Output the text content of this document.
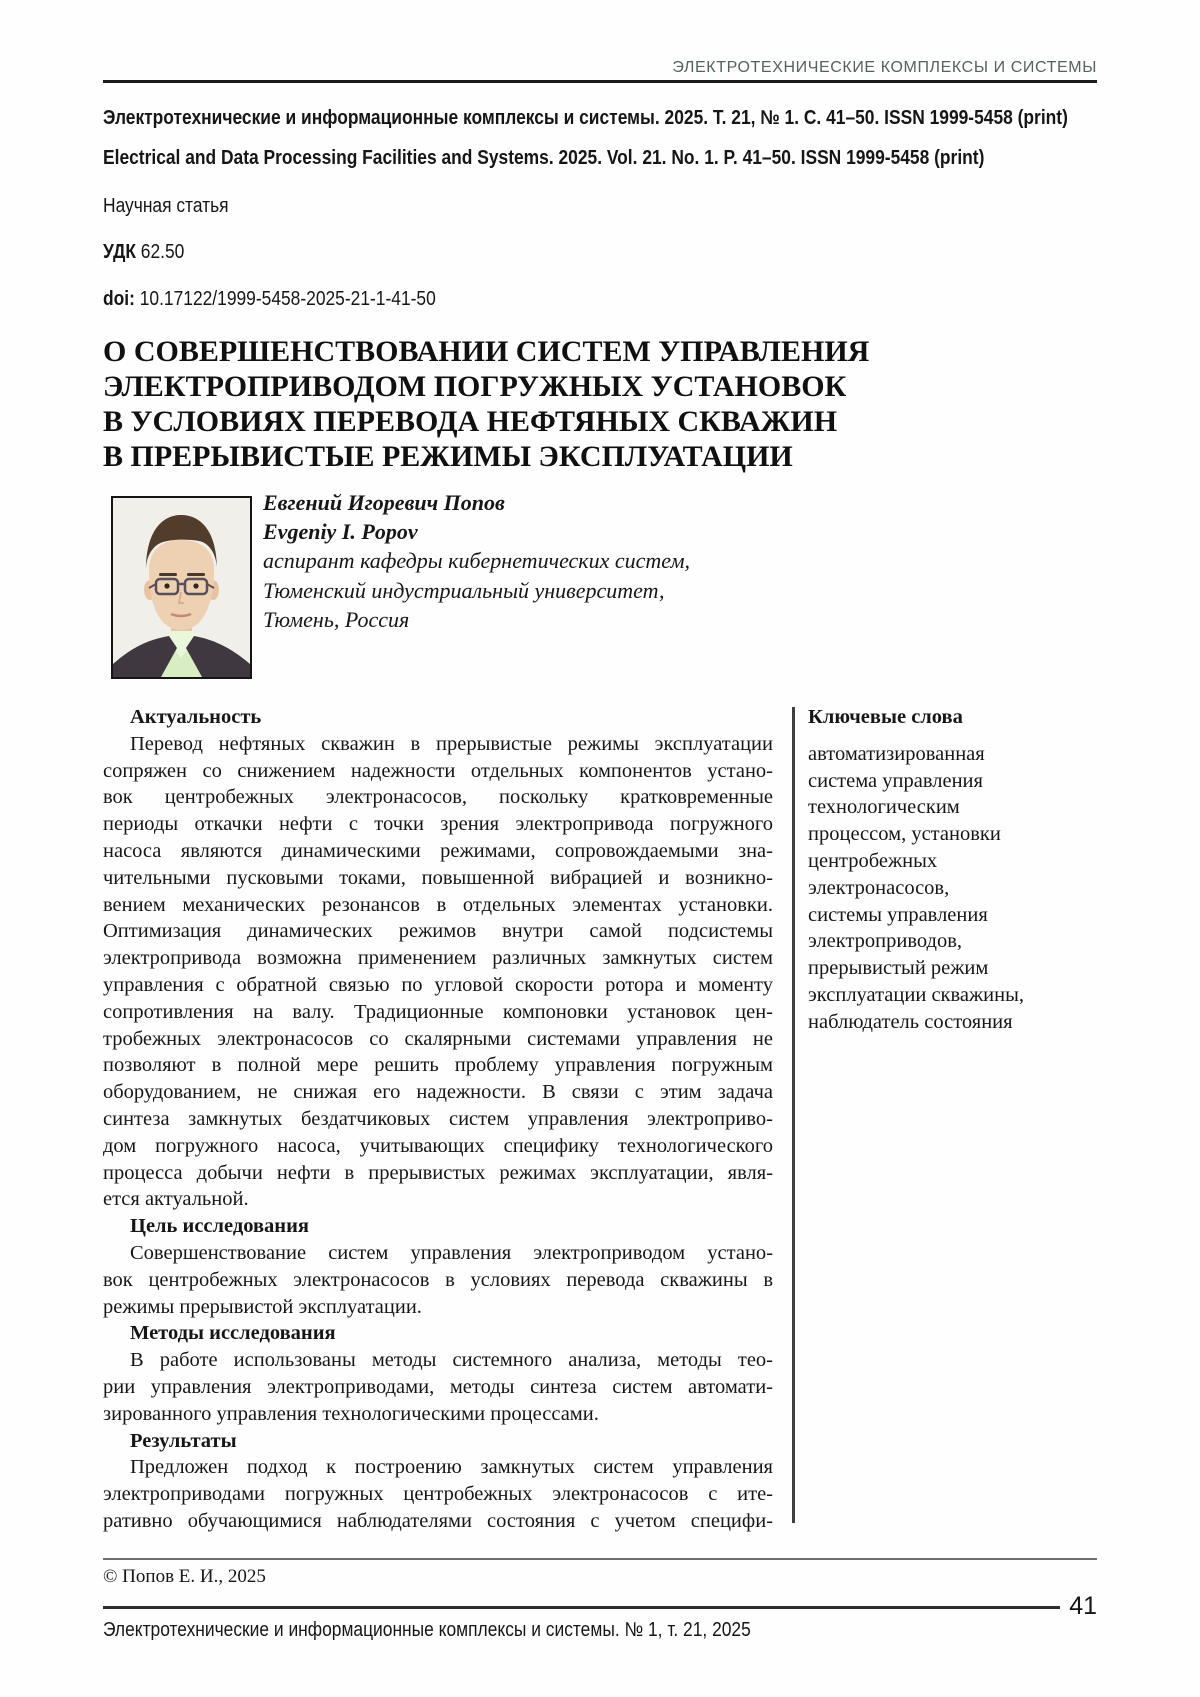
ЭЛЕКТРОТЕХНИЧЕСКИЕ КОМПЛЕКСЫ И СИСТЕМЫ
Электротехнические и информационные комплексы и системы. 2025. Т. 21, № 1. С. 41–50. ISSN 1999-5458 (print)
Electrical and Data Processing Facilities and Systems. 2025. Vol. 21. No. 1. P. 41–50. ISSN 1999-5458 (print)
Научная статья
УДК 62.50
doi: 10.17122/1999-5458-2025-21-1-41-50
О СОВЕРШЕНСТВОВАНИИ СИСТЕМ УПРАВЛЕНИЯ
ЭЛЕКТРОПРИВОДОМ ПОГРУЖНЫХ УСТАНОВОК
В УСЛОВИЯХ ПЕРЕВОДА НЕФТЯНЫХ СКВАЖИН
В ПРЕРЫВИСТЫЕ РЕЖИМЫ ЭКСПЛУАТАЦИИ
Евгений Игоревич Попов
Evgeniy I. Popov
аспирант кафедры кибернетических систем,
Тюменский индустриальный университет,
Тюмень, Россия
Актуальность
Перевод нефтяных скважин в прерывистые режимы эксплуатации
сопряжен со снижением надежности отдельных компонентов устано-
вок центробежных электронасосов, поскольку кратковременные
периоды откачки нефти с точки зрения электропривода погружного
насоса являются динамическими режимами, сопровождаемыми зна-
чительными пусковыми токами, повышенной вибрацией и возникно-
вением механических резонансов в отдельных элементах установки.
Оптимизация динамических режимов внутри самой подсистемы
электропривода возможна применением различных замкнутых систем
управления с обратной связью по угловой скорости ротора и моменту
сопротивления на валу. Традиционные компоновки установок цен-
тробежных электронасосов со скалярными системами управления не
позволяют в полной мере решить проблему управления погружным
оборудованием, не снижая его надежности. В связи с этим задача
синтеза замкнутых бездатчиковых систем управления электроприво-
дом погружного насоса, учитывающих специфику технологического
процесса добычи нефти в прерывистых режимах эксплуатации, явля-
ется актуальной.
Цель исследования
Совершенствование систем управления электроприводом устано-
вок центробежных электронасосов в условиях перевода скважины в
режимы прерывистой эксплуатации.
Методы исследования
В работе использованы методы системного анализа, методы тео-
рии управления электроприводами, методы синтеза систем автомати-
зированного управления технологическими процессами.
Результаты
Предложен подход к построению замкнутых систем управления
электроприводами погружных центробежных электронасосов с ите-
ративно обучающимися наблюдателями состояния с учетом специфи-
Ключевые слова
автоматизированная
система управления
технологическим
процессом, установки
центробежных
электронасосов,
системы управления
электроприводов,
прерывистый режим
эксплуатации скважины,
наблюдатель состояния
© Попов Е. И., 2025
41
Электротехнические и информационные комплексы и системы. № 1, т. 21, 2025
